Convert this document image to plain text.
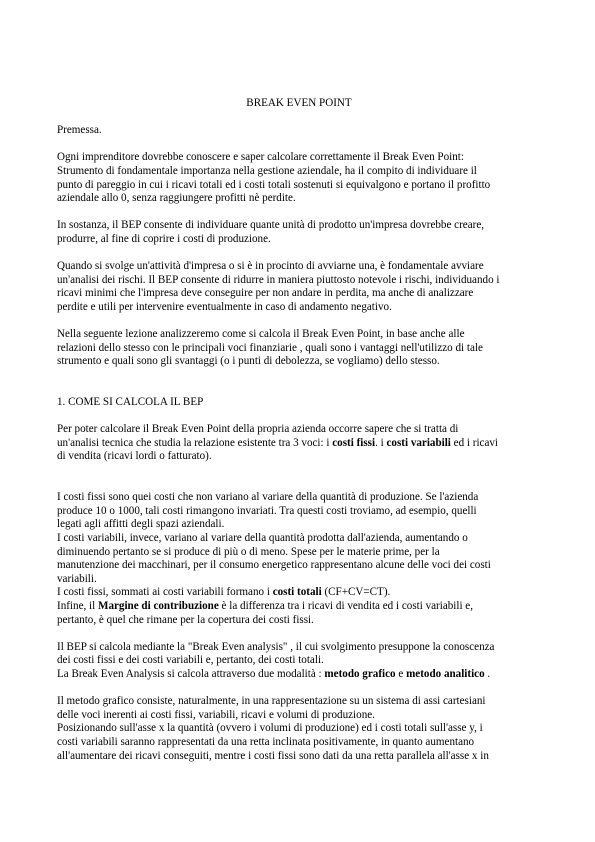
BREAK EVEN POINT

Premessa.

Ogni imprenditore dovrebbe conoscere e saper calcolare correttamente il Break Even Point:
Strumento di fondamentale importanza nella gestione aziendale, ha il compito di individuare il
punto di pareggio in cui i ricavi totali ed i costi totali sostenuti si equivalgono e portano il profitto
aziendale allo 0, senza raggiungere profitti nè perdite.

In sostanza, il BEP consente di individuare quante unità di prodotto un'impresa dovrebbe creare,
produrre, al fine di coprire i costi di produzione.

Quando si svolge un'attività d'impresa o si è in procinto di avviarne una, è fondamentale avviare
un'analisi dei rischi. Il BEP consente di ridurre in maniera piuttosto notevole i rischi, individuando i
ricavi minimi che l'impresa deve conseguire per non andare in perdita, ma anche di analizzare
perdite e utili per intervenire eventualmente in caso di andamento negativo.

Nella seguente lezione analizzeremo come si calcola il Break Even Point, in base anche alle
relazioni dello stesso con le principali voci finanziarie , quali sono i vantaggi nell'utilizzo di tale
strumento e quali sono gli svantaggi (o i punti di debolezza, se vogliamo) dello stesso.

1. COME SI CALCOLA IL BEP

Per poter calcolare il Break Even Point della propria azienda occorre sapere che si tratta di
un'analisi tecnica che studia la relazione esistente tra 3 voci: i costi fissi. i costi variabili ed i ricavi
di vendita (ricavi lordi o fatturato).

I costi fissi sono quei costi che non variano al variare della quantità di produzione. Se l'azienda
produce 10 o 1000, tali costi rimangono invariati. Tra questi costi troviamo, ad esempio, quelli
legati agli affitti degli spazi aziendali.
I costi variabili, invece, variano al variare della quantità prodotta dall'azienda, aumentando o
diminuendo pertanto se si produce di più o di meno. Spese per le materie prime, per la
manutenzione dei macchinari, per il consumo energetico rappresentano alcune delle voci dei costi
variabili.
I costi fissi, sommati ai costi variabili formano i costi totali (CF+CV=CT).
Infine, il Margine di contribuzione è la differenza tra i ricavi di vendita ed i costi variabili e,
pertanto, è quel che rimane per la copertura dei costi fissi.

Il BEP si calcola mediante la "Break Even analysis" , il cui svolgimento presuppone la conoscenza
dei costi fissi e dei costi variabili e, pertanto, dei costi totali.
La Break Even Analysis si calcola attraverso due modalità : metodo grafico e metodo analitico .

Il metodo grafico consiste, naturalmente, in una rappresentazione su un sistema di assi cartesiani
delle voci inerenti ai costi fissi, variabili, ricavi e volumi di produzione.
Posizionando sull'asse x la quantità (ovvero i volumi di produzione) ed i costi totali sull'asse y, i
costi variabili saranno rappresentati da una retta inclinata positivamente, in quanto aumentano
all'aumentare dei ricavi conseguiti, mentre i costi fissi sono dati da una retta parallela all'asse x in
